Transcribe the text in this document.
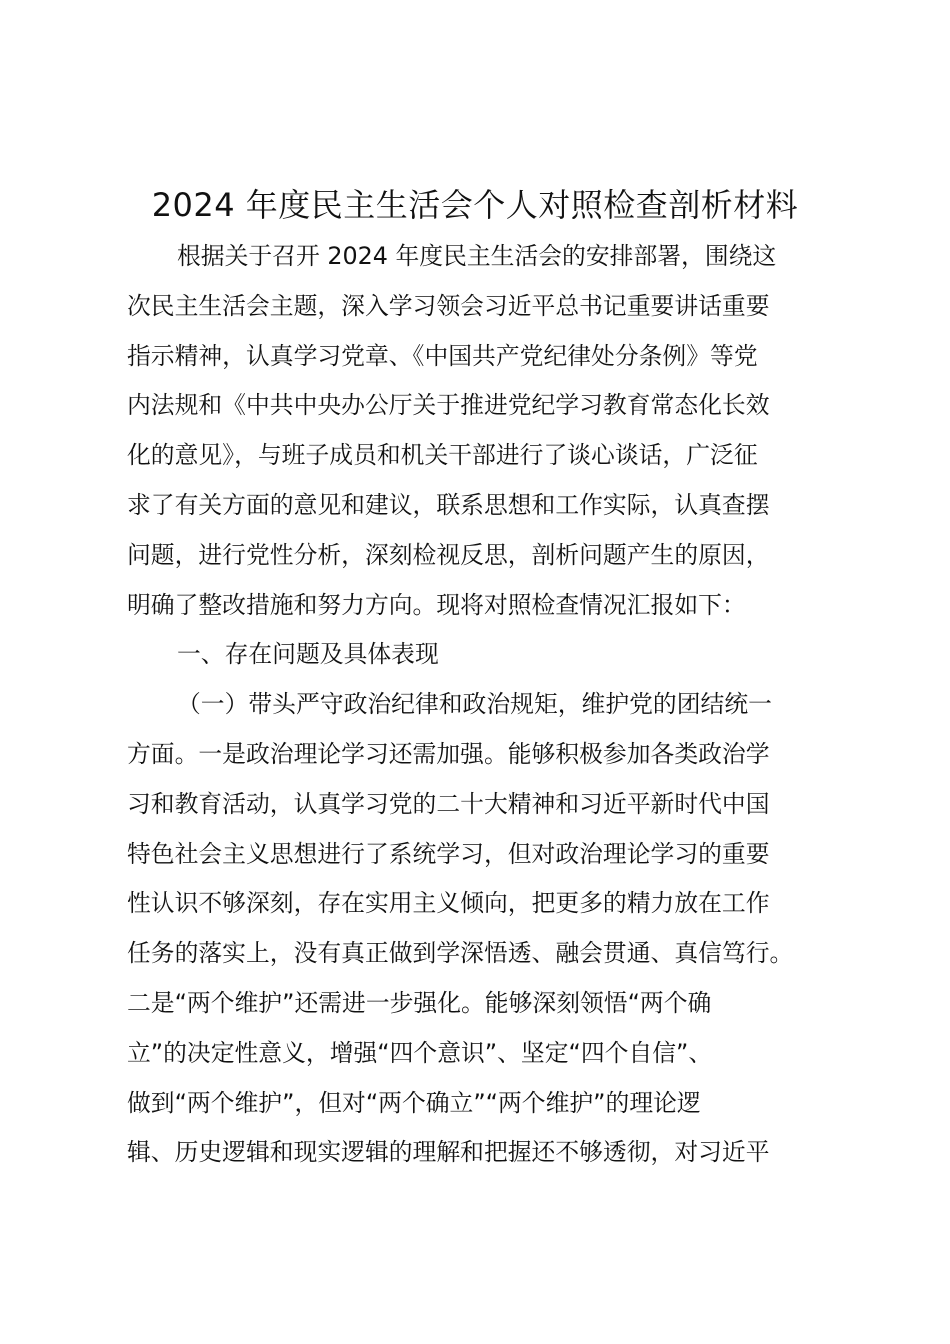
2024 年度民主生活会个人对照检查剖析材料
根据关于召开 2024 年度民主生活会的安排部署，围绕这
次民主生活会主题，深入学习领会习近平总书记重要讲话重要
指示精神，认真学习党章、《中国共产党纪律处分条例》等党
内法规和《中共中央办公厅关于推进党纪学习教育常态化长效
化的意见》，与班子成员和机关干部进行了谈心谈话，广泛征
求了有关方面的意见和建议，联系思想和工作实际，认真查摆
问题，进行党性分析，深刻检视反思，剖析问题产生的原因，
明确了整改措施和努力方向。现将对照检查情况汇报如下：
一、存在问题及具体表现
（一）带头严守政治纪律和政治规矩，维护党的团结统一
方面。一是政治理论学习还需加强。能够积极参加各类政治学
习和教育活动，认真学习党的二十大精神和习近平新时代中国
特色社会主义思想进行了系统学习，但对政治理论学习的重要
性认识不够深刻，存在实用主义倾向，把更多的精力放在工作
任务的落实上，没有真正做到学深悟透、融会贯通、真信笃行。
二是“两个维护”还需进一步强化。能够深刻领悟“两个确
立”的决定性意义，增强“四个意识”、坚定“四个自信”、
做到“两个维护”，但对“两个确立”“两个维护”的理论逻
辑、历史逻辑和现实逻辑的理解和把握还不够透彻，对习近平
